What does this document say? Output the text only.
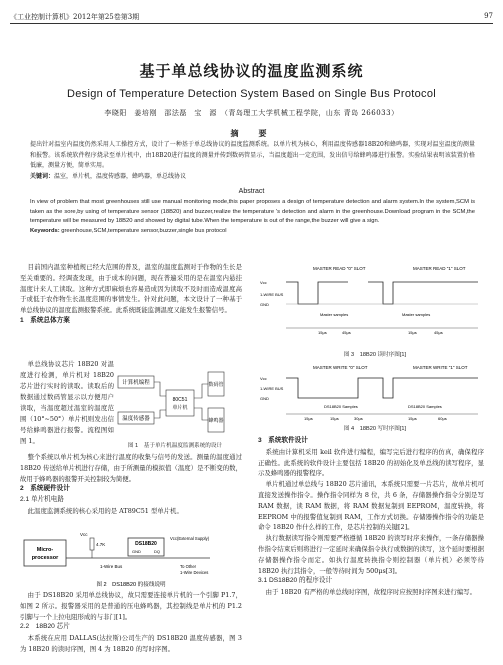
《工业控制计算机》2012年第25卷第3期	97
基于单总线协议的温度监测系统
Design of Temperature Detection System Based on Single Bus Protocol
李晓阳　姜培刚　邵法磊　宝　源　（青岛理工大学机械工程学院，山东 青岛 266033）
摘　要
提出针对温室内温度仍然采用人工操控方式，设计了一种基于单总线协议的温度监测系统。以单片机为核心，利用温度传感器18B20和蜂鸣器，实现对温室温度的测量和报警。该系统软件程序烧录至单片机中，由18B20进行温度的测量并传到数码管显示，当温度超出一定范围，发出信号给蜂鸣器进行报警。实验结果表明该装置价格低廉，测量方便，简单实用。
关键词：温室，单片机，温度传感器，蜂鸣器，单总线协议
Abstract
In view of problem that most greenhouses still use manual monitoring mode,this paper proposes a design of temperature detection and alarm system.In the system,SCM is taken as the sore,by using of temperature sensor (18B20) and buzzer,realize the temperature 's detection and alarm in the greenhouse.Download program in the SCM,the temperature will be measured by 18B20 and showed by digital tube.When the temperature is out of the range,the buzzer will give a sign.
Keywords: greenhouse,SCM,temperature sensor,buzzer,single bus protocol

目前国内温室种植规已经大范围的普及，温室的温度监测对于作物的生长是至关重要的。经调查发现，由于成本的问题，现在普遍采用的是在温室内悬挂温度计来人工读取。这种方式即麻烦也容易造成因为读取不及时而造成温度高于或低于农作物生长温度范围的事情发生。针对此问题，本文设计了一种基于单总线协议的温度监测报警系统。此系统既能监测温度又能发生报警信号。

1　系统总体方案

单总线协议芯片 18B20 对温度进行检测，单片机对 18B20 芯片进行实时的读取。读取后的数据通过数码管显示以方便用户读取，当温度超过温室的温度范围（10°~50°）单片机则发出信号给蜂鸣器进行报警。流程图如图 1。

计算机编程
温度传感器
80C51
单片机
数码管
蜂鸣器
图 1　基于单片机温度监测系统的设计

整个系统以单片机为核心来进行温度的收集与信号的发送。测量的温度通过 18B20 传送给单片机进行存储，由于所测量的模拟值（温度）是不断变的数，故用于蜂鸣器的报警开关控制较为简便。

2　系统硬件设计

2.1 单片机电路

此温度监测系统的核心采用的是 AT89C51 型单片机。

Micro-
processor
Vcc
4.7K
1-Wire Bus
DS18B20
GND	DQ
Vcc(External Supply)
To Other
1-Wire Devices
图 2　DS18B20 的接线说明

由于 DS18B20 采用单总线协议，故只需要连接单片机的一个引脚 P1.7，如图 2 所示。报警器采用的是普通的压电蜂鸣器，其控制线是单片机的 P1.2 引脚与一个上拉电阻形成的与非门[1]。

2.2　18B20 芯片

本系统在应用 DALLAS(达拉斯)公司生产的 DS18B20 温度传感器，图 3 为 18B20 的读时序图，图 4 为 18B20 的写时序图。

MASTER READ "0" SLOT	MASTER READ "1" SLOT
Vcc
1-WIRE BUS
GND
Master samples	Master samples
15μs	45μs	15μs	45μs
图 3　18B20 读时序图[1]
MASTER WRITE "0" SLOT	MASTER WRITE "1" SLOT
Vcc
1-WIRE BUS
GND
DS18B20 Samples	DS18B20 Samples
15μs	15μs	30μs	15μs	60μs
图 4　18B20 写时序图[1]

3　系统软件设计

系统由计算机采用 keil 软件进行编程，编写完后进行程序的仿真，确保程序正确性。此系统的软件设计主要包括 18B20 的初始化及单总线的读写程序，显示及蜂鸣器的报警程序。

单片机通过单总线与 18B20 芯片通讯，本系统只需要一片芯片，故单片机可直接发送操作指令。操作指令同样为 8 位，共 6 条，存储器操作指令分别是写 RAM 数据，读 RAM 数据，将 RAM 数据复制到 EEPROM，温度转换，将 EEPROM 中的报警值复制到 RAM，工作方式切换。存储器操作指令的功能是命令 18B20 作什么样的工作，是芯片控制的关键[2]。

执行数据读写指令则需要严格遵循 18B20 的读写时序来操作，一条存储器操作指令结束后则将进行一定延时来确保指令执行或数据的读写，这个延时要根据存储器操作指令而定。如执行温度转换指令则控制器（单片机）必须等待 18B20 执行其指令，一般等待时间为 500μs[3]。

3.1 DS18B20 的程序设计

由于 18B20 有严格的单总线时序图，故程序时应按照时序图来进行编写。
